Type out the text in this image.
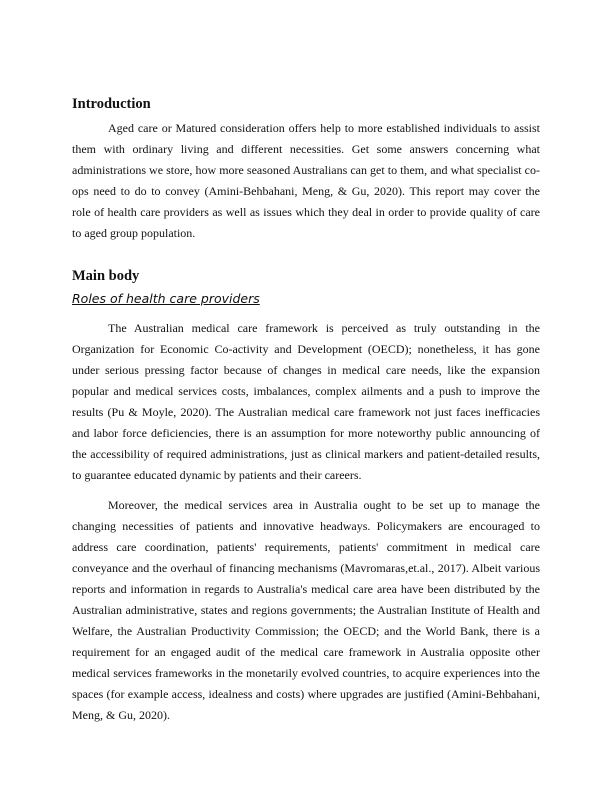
Introduction
Aged care or Matured consideration offers help to more established individuals to assist
them with ordinary living and different necessities. Get some answers concerning what
administrations we store, how more seasoned Australians can get to them, and what specialist co-
ops need to do to convey (Amini-Behbahani, Meng, & Gu, 2020). This report may cover the
role of health care providers as well as issues which they deal in order to provide quality of care
to aged group population.
Main body
Roles of health care providers
The Australian medical care framework is perceived as truly outstanding in the
Organization for Economic Co-activity and Development (OECD); nonetheless, it has gone
under serious pressing factor because of changes in medical care needs, like the expansion
popular and medical services costs, imbalances, complex ailments and a push to improve the
results (Pu & Moyle, 2020). The Australian medical care framework not just faces inefficacies
and labor force deficiencies, there is an assumption for more noteworthy public announcing of
the accessibility of required administrations, just as clinical markers and patient-detailed results,
to guarantee educated dynamic by patients and their careers.
Moreover, the medical services area in Australia ought to be set up to manage the
changing necessities of patients and innovative headways. Policymakers are encouraged to
address care coordination, patients' requirements, patients' commitment in medical care
conveyance and the overhaul of financing mechanisms (Mavromaras,et.al., 2017). Albeit various
reports and information in regards to Australia's medical care area have been distributed by the
Australian administrative, states and regions governments; the Australian Institute of Health and
Welfare, the Australian Productivity Commission; the OECD; and the World Bank, there is a
requirement for an engaged audit of the medical care framework in Australia opposite other
medical services frameworks in the monetarily evolved countries, to acquire experiences into the
spaces (for example access, idealness and costs) where upgrades are justified (Amini-Behbahani,
Meng, & Gu, 2020).
